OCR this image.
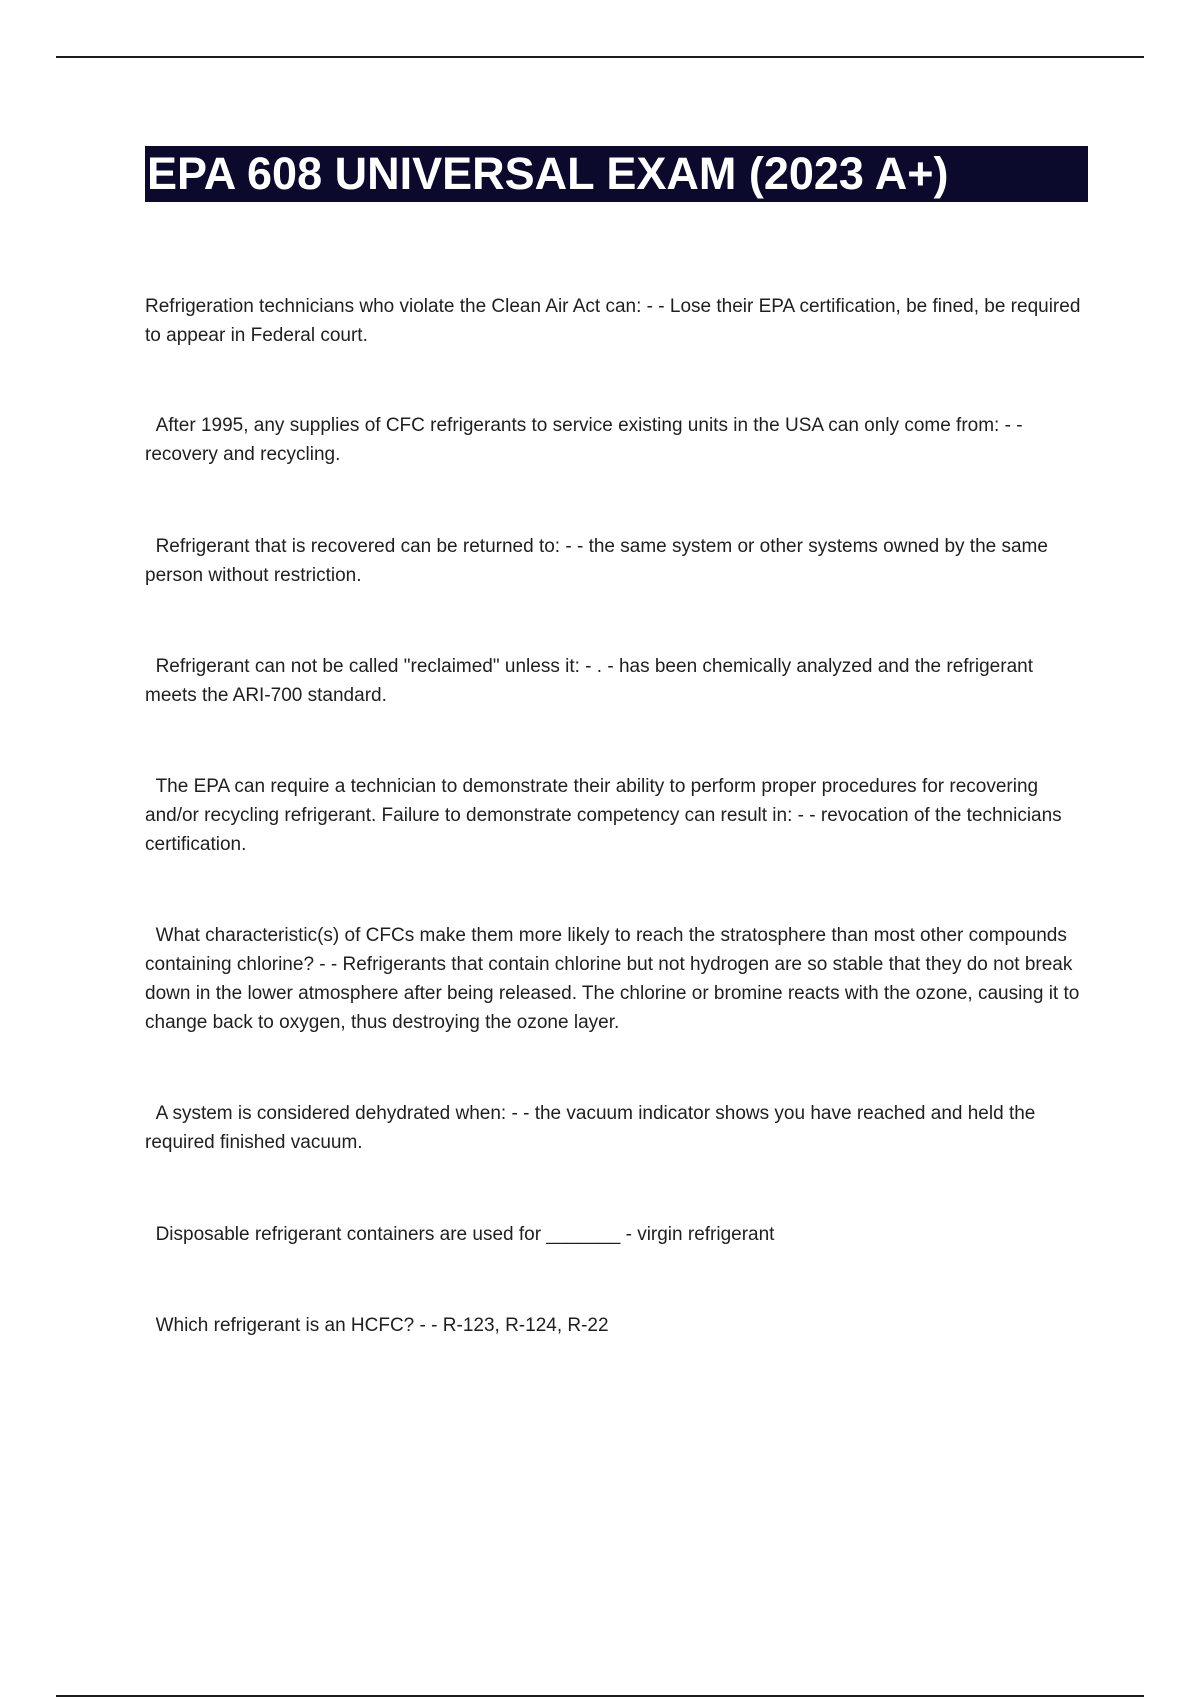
EPA 608 UNIVERSAL EXAM (2023 A+)
Refrigeration technicians who violate the Clean Air Act can: - - Lose their EPA certification, be fined, be required to appear in Federal court.
After 1995, any supplies of CFC refrigerants to service existing units in the USA can only come from: - - recovery and recycling.
Refrigerant that is recovered can be returned to: - - the same system or other systems owned by the same person without restriction.
Refrigerant can not be called "reclaimed" unless it: - . - has been chemically analyzed and the refrigerant meets the ARI-700 standard.
The EPA can require a technician to demonstrate their ability to perform proper procedures for recovering and/or recycling refrigerant. Failure to demonstrate competency can result in: - - revocation of the technicians certification.
What characteristic(s) of CFCs make them more likely to reach the stratosphere than most other compounds containing chlorine? - - Refrigerants that contain chlorine but not hydrogen are so stable that they do not break down in the lower atmosphere after being released. The chlorine or bromine reacts with the ozone, causing it to change back to oxygen, thus destroying the ozone layer.
A system is considered dehydrated when: - - the vacuum indicator shows you have reached and held the required finished vacuum.
Disposable refrigerant containers are used for _______ - virgin refrigerant
Which refrigerant is an HCFC? - - R-123, R-124, R-22
